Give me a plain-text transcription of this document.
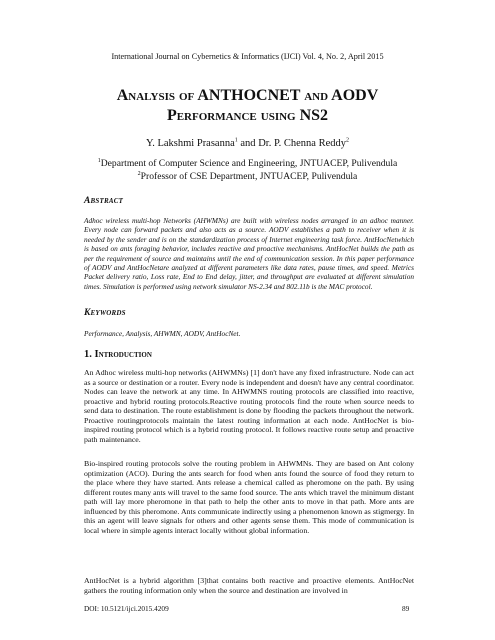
International Journal on Cybernetics & Informatics (IJCI) Vol. 4, No. 2, April 2015
Analysis of ANTHOCNET and AODV
Performance using NS2
Y. Lakshmi Prasanna$^1$ and Dr. P. Chenna Reddy$^2$
$^1$Department of Computer Science and Engineering, JNTUACEP, Pulivendula
$^2$Professor of CSE Department, JNTUACEP, Pulivendula
Abstract
Adhoc wireless multi-hop Networks (AHWMNs) are built with wireless nodes arranged in an adhoc manner. Every node can forward packets and also acts as a source. AODV establishes a path to receiver when it is needed by the sender and is on the standardization process of Internet engineering task force. AntHocNetwhich is based on ants foraging behavior, includes reactive and proactive mechanisms. AntHocNet builds the path as per the requirement of source and maintains until the end of communication session. In this paper performance of AODV and AntHocNetare analyzed at different parameters like data rates, pause times, and speed. Metrics Packet delivery ratio, Loss rate, End to End delay, jitter, and throughput are evaluated at different simulation times. Simulation is performed using network simulator NS-2.34 and 802.11b is the MAC protocol.
Keywords
Performance, Analysis, AHWMN, AODV, AntHocNet.
1. Introduction
An Adhoc wireless multi-hop networks (AHWMNs) [1] don't have any fixed infrastructure. Node can act as a source or destination or a router. Every node is independent and doesn't have any central coordinator. Nodes can leave the network at any time. In AHWMNS routing protocols are classified into reactive, proactive and hybrid routing protocols.Reactive routing protocols find the route when source needs to send data to destination. The route establishment is done by flooding the packets throughout the network. Proactive routingprotocols maintain the latest routing information at each node. AntHocNet is bio-inspired routing protocol which is a hybrid routing protocol. It follows reactive route setup and proactive path maintenance.
Bio-inspired routing protocols solve the routing problem in AHWMNs. They are based on Ant colony optimization (ACO). During the ants search for food when ants found the source of food they return to the place where they have started. Ants release a chemical called as pheromone on the path. By using different routes many ants will travel to the same food source. The ants which travel the minimum distant path will lay more pheromone in that path to help the other ants to move in that path. More ants are influenced by this pheromone. Ants communicate indirectly using a phenomenon known as stigmergy. In this an agent will leave signals for others and other agents sense them. This mode of communication is local where in simple agents interact locally without global information.
AntHocNet is a hybrid algorithm [3]that contains both reactive and proactive elements. AntHocNet gathers the routing information only when the source and destination are involved in
DOI: 10.5121/ijci.2015.4209	89
